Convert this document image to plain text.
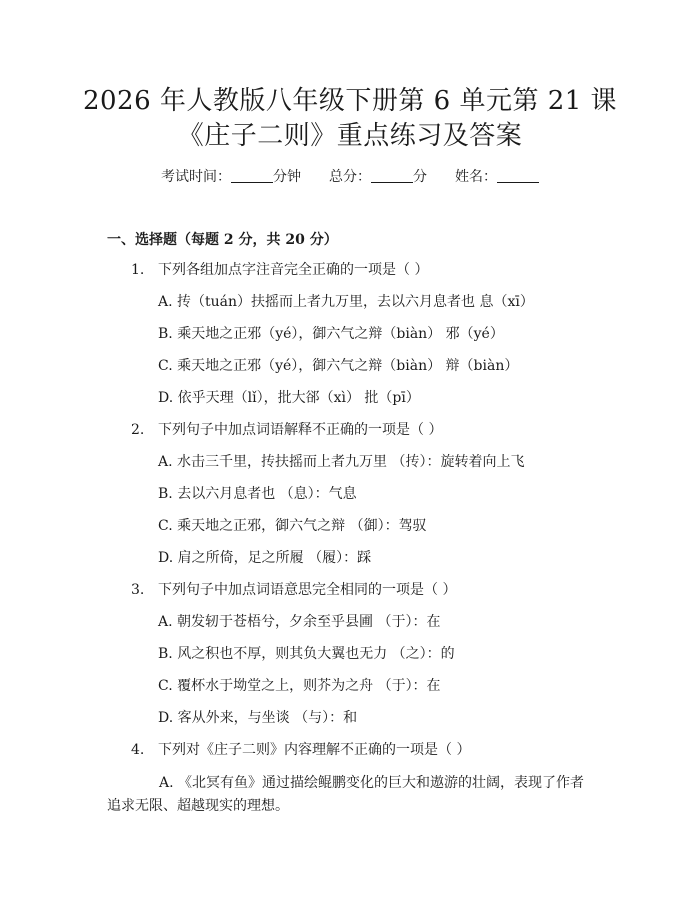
2026 年人教版八年级下册第 6 单元第 21 课
《庄子二则》重点练习及答案
考试时间：	分钟 总分：	分 姓名：
一、选择题（每题 2 分，共 20 分）
1. 下列各组加点字注音完全正确的一项是（ ）
A. 抟（tuán）扶摇而上者九万里，去以六月息者也 息（xī）
B. 乘天地之正邪（yé），御六气之辩（biàn） 邪（yé）
C. 乘天地之正邪（yé），御六气之辩（biàn） 辩（biàn）
D. 依乎天理（lǐ），批大郤（xì） 批（pī）
2. 下列句子中加点词语解释不正确的一项是（ ）
A. 水击三千里，抟扶摇而上者九万里 （抟）：旋转着向上飞
B. 去以六月息者也 （息）：气息
C. 乘天地之正邪，御六气之辩 （御）：驾驭
D. 肩之所倚，足之所履 （履）：踩
3. 下列句子中加点词语意思完全相同的一项是（ ）
A. 朝发轫于苍梧兮，夕余至乎县圃 （于）：在
B. 风之积也不厚，则其负大翼也无力 （之）：的
C. 覆杯水于坳堂之上，则芥为之舟 （于）：在
D. 客从外来，与坐谈 （与）：和
4. 下列对《庄子二则》内容理解不正确的一项是（ ）
A. 《北冥有鱼》通过描绘鲲鹏变化的巨大和遨游的壮阔，表现了作者追求无限、超越现实的理想。
